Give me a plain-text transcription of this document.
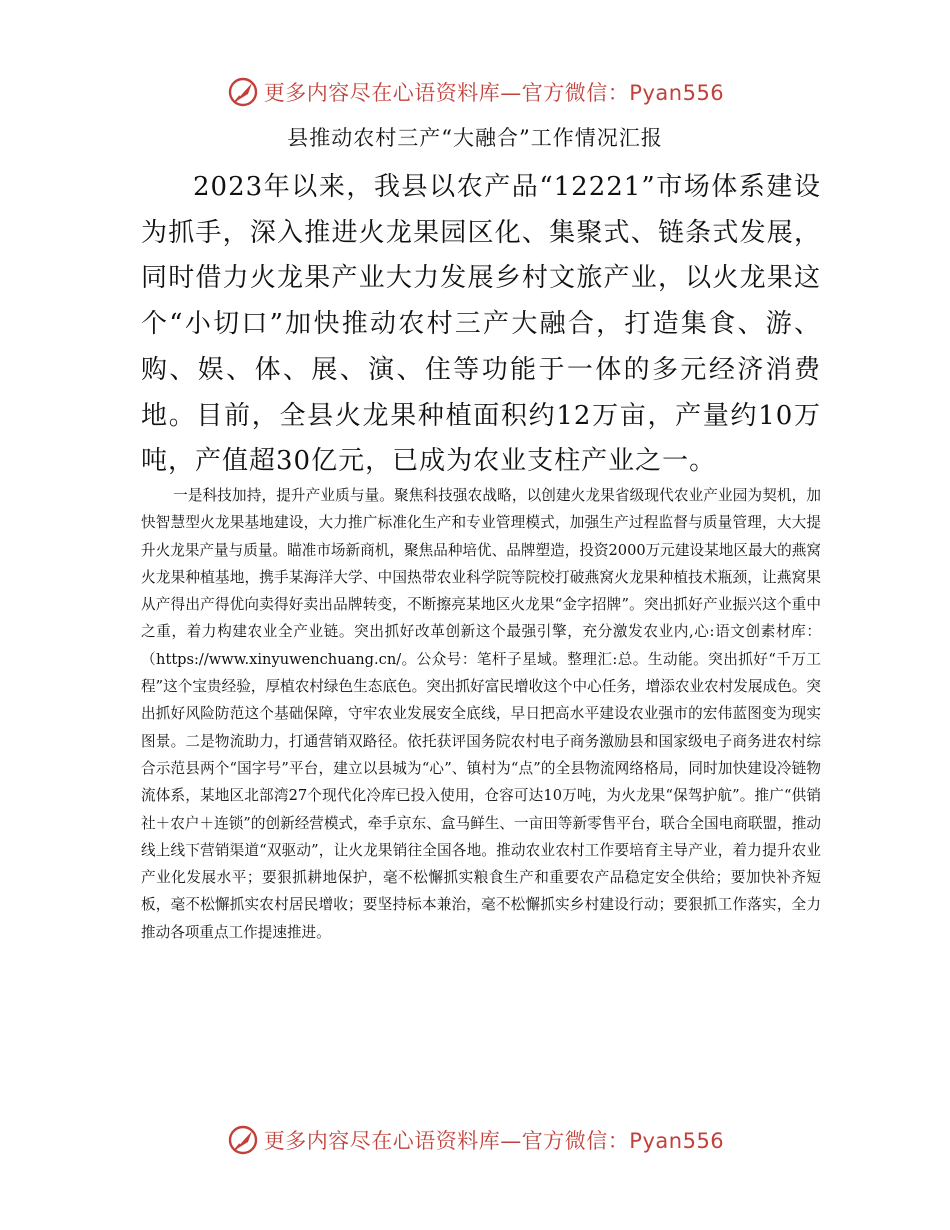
更多内容尽在心语资料库—官方微信：Pyan556
县推动农村三产“大融合”工作情况汇报

2023年以来，我县以农产品“12221”市场体系建设为抓手，深入推进火龙果园区化、集聚式、链条式发展，同时借力火龙果产业大力发展乡村文旅产业，以火龙果这个“小切口”加快推动农村三产大融合，打造集食、游、购、娱、体、展、演、住等功能于一体的多元经济消费地。目前，全县火龙果种植面积约12万亩，产量约10万吨，产值超30亿元，已成为农业支柱产业之一。

一是科技加持，提升产业质与量。聚焦科技强农战略，以创建火龙果省级现代农业产业园为契机，加快智慧型火龙果基地建设，大力推广标准化生产和专业管理模式，加强生产过程监督与质量管理，大大提升火龙果产量与质量。瞄准市场新商机，聚焦品种培优、品牌塑造，投资2000万元建设某地区最大的燕窝火龙果种植基地，携手某海洋大学、中国热带农业科学院等院校打破燕窝火龙果种植技术瓶颈，让燕窝果从产得出产得优向卖得好卖出品牌转变，不断擦亮某地区火龙果“金字招牌”。突出抓好产业振兴这个重中之重，着力构建农业全产业链。突出抓好改革创新这个最强引擎，充分激发农业内,心:语文创素材库：（https://www.xinyuwenchuang.cn/。公众号：笔杆子星域。整理汇:总。生动能。突出抓好“千万工程”这个宝贵经验，厚植农村绿色生态底色。突出抓好富民增收这个中心任务，增添农业农村发展成色。突出抓好风险防范这个基础保障，守牢农业发展安全底线，早日把高水平建设农业强市的宏伟蓝图变为现实图景。二是物流助力，打通营销双路径。依托获评国务院农村电子商务激励县和国家级电子商务进农村综合示范县两个“国字号”平台，建立以县城为“心”、镇村为“点”的全县物流网络格局，同时加快建设冷链物流体系，某地区北部湾27个现代化冷库已投入使用，仓容可达10万吨，为火龙果“保驾护航”。推广“供销社＋农户＋连锁”的创新经营模式，牵手京东、盒马鲜生、一亩田等新零售平台，联合全国电商联盟，推动线上线下营销渠道“双驱动”，让火龙果销往全国各地。推动农业农村工作要培育主导产业，着力提升农业产业化发展水平；要狠抓耕地保护，毫不松懈抓实粮食生产和重要农产品稳定安全供给；要加快补齐短板，毫不松懈抓实农村居民增收；要坚持标本兼治，毫不松懈抓实乡村建设行动；要狠抓工作落实，全力推动各项重点工作提速推进。

更多内容尽在心语资料库—官方微信：Pyan556
